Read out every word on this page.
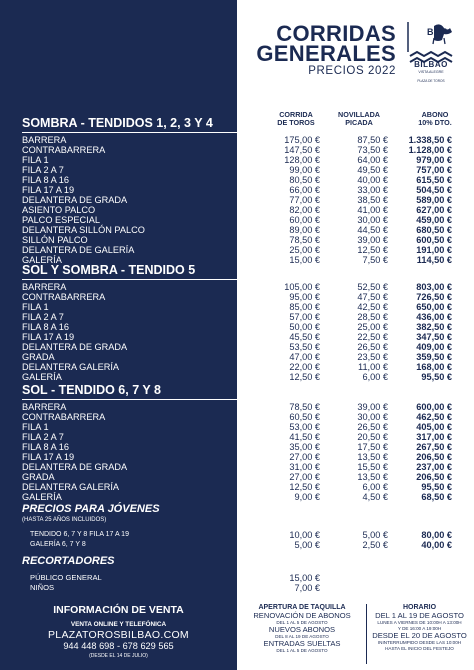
CORRIDAS
GENERALES
PRECIOS 2022
BMF
BILBAO
VISTA ALEGRE
PLAZA DE TOROS
CORRIDA
DE TOROS
NOVILLADA
PICADA
ABONO
10% DTO.
SOMBRA - TENDIDOS 1, 2, 3 Y 4
BARRERA	175,00 €	87,50 €	1.338,50 €
CONTRABARRERA	147,50 €	73,50 €	1.128,00 €
FILA 1	128,00 €	64,00 €	979,00 €
FILA 2 A 7	99,00 €	49,50 €	757,00 €
FILA 8 A 16	80,50 €	40,00 €	615,50 €
FILA 17 A 19	66,00 €	33,00 €	504,50 €
DELANTERA DE GRADA	77,00 €	38,50 €	589,00 €
ASIENTO PALCO	82,00 €	41,00 €	627,00 €
PALCO ESPECIAL	60,00 €	30,00 €	459,00 €
DELANTERA SILLÓN PALCO	89,00 €	44,50 €	680,50 €
SILLÓN PALCO	78,50 €	39,00 €	600,50 €
DELANTERA DE GALERÍA	25,00 €	12,50 €	191,00 €
GALERÍA	15,00 €	7,50 €	114,50 €
SOL Y SOMBRA - TENDIDO 5
BARRERA	105,00 €	52,50 €	803,00 €
CONTRABARRERA	95,00 €	47,50 €	726,50 €
FILA 1	85,00 €	42,50 €	650,00 €
FILA 2 A 7	57,00 €	28,50 €	436,00 €
FILA 8 A 16	50,00 €	25,00 €	382,50 €
FILA 17 A 19	45,50 €	22,50 €	347,50 €
DELANTERA DE GRADA	53,50 €	26,50 €	409,00 €
GRADA	47,00 €	23,50 €	359,50 €
DELANTERA GALERÍA	22,00 €	11,00 €	168,00 €
GALERÍA	12,50 €	6,00 €	95,50 €
SOL - TENDIDO 6, 7 Y 8
BARRERA	78,50 €	39,00 €	600,00 €
CONTRABARRERA	60,50 €	30,00 €	462,50 €
FILA 1	53,00 €	26,50 €	405,00 €
FILA 2 A 7	41,50 €	20,50 €	317,00 €
FILA 8 A 16	35,00 €	17,50 €	267,50 €
FILA 17 A 19	27,00 €	13,50 €	206,50 €
DELANTERA DE GRADA	31,00 €	15,50 €	237,00 €
GRADA	27,00 €	13,50 €	206,50 €
DELANTERA GALERÍA	12,50 €	6,00 €	95,50 €
GALERÍA	9,00 €	4,50 €	68,50 €
PRECIOS PARA JÓVENES
(HASTA 25 AÑOS INCLUIDOS)
TENDIDO 6, 7 Y 8 FILA 17 A 19	10,00 €	5,00 €	80,00 €
GALERÍA 6, 7 Y 8	5,00 €	2,50 €	40,00 €
RECORTADORES
PÚBLICO GENERAL	15,00 €
NIÑOS	7,00 €
INFORMACIÓN DE VENTA
VENTA ONLINE Y TELEFÓNICA
PLAZATOROSBILBAO.COM
944 448 698 - 678 629 565
(DESDE EL 14 DE JULIO)
APERTURA DE TAQUILLA
RENOVACIÓN DE ABONOS
DEL 1 AL 5 DE AGOSTO
NUEVOS ABONOS
DEL 8 AL 19 DE AGOSTO
ENTRADAS SUELTAS
DEL 1 AL 5 DE AGOSTO
HORARIO
DEL 1 AL 19 DE AGOSTO
LUNES A VIERNES DE 10:00H A 13:00H
Y DE 16:00 A 19:00H
DESDE EL 20 DE AGOSTO
ININTERRUMPIDO DESDE LAS 10:00H
HASTA EL INICIO DEL FESTEJO
